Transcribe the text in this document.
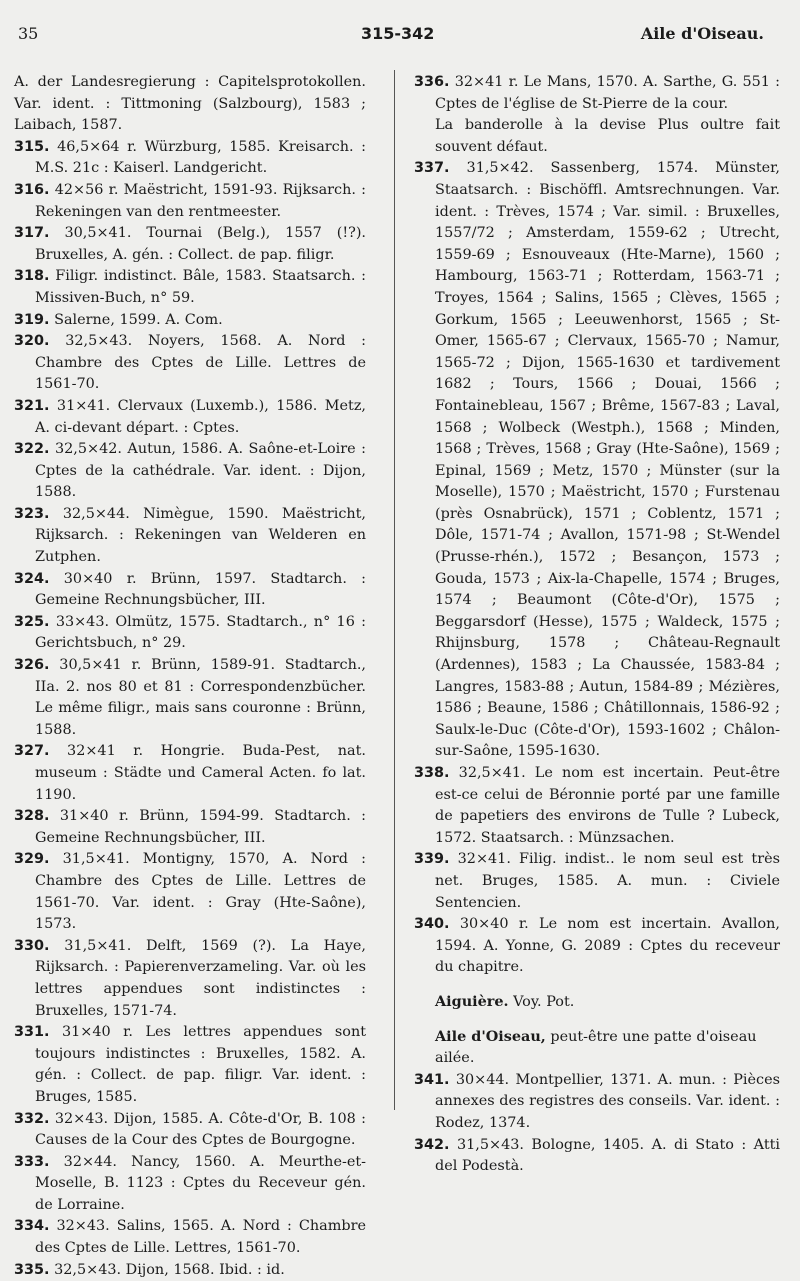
35	315-342	Aile d'Oiseau.
A. der Landesregierung : Capitelsprotokollen. Var. ident. : Tittmoning (Salzbourg), 1583 ; Laibach, 1587.
315. 46,5×64 r. Würzburg, 1585. Kreisarch. : M.S. 21c : Kaiserl. Landgericht.
316. 42×56 r. Maëstricht, 1591-93. Rijksarch. : Rekeningen van den rentmeester.
317. 30,5×41. Tournai (Belg.), 1557 (!?). Bruxelles, A. gén. : Collect. de pap. filigr.
318. Filigr. indistinct. Bâle, 1583. Staatsarch. : Missiven-Buch, n° 59.
319. Salerne, 1599. A. Com.
320. 32,5×43. Noyers, 1568. A. Nord : Chambre des Cptes de Lille. Lettres de 1561-70.
321. 31×41. Clervaux (Luxemb.), 1586. Metz, A. ci-devant départ. : Cptes.
322. 32,5×42. Autun, 1586. A. Saône-et-Loire : Cptes de la cathédrale. Var. ident. : Dijon, 1588.
323. 32,5×44. Nimègue, 1590. Maëstricht, Rijksarch. : Rekeningen van Welderen en Zutphen.
324. 30×40 r. Brünn, 1597. Stadtarch. : Gemeine Rechnungsbücher, III.
325. 33×43. Olmütz, 1575. Stadtarch., n° 16 : Gerichtsbuch, n° 29.
326. 30,5×41 r. Brünn, 1589-91. Stadtarch., IIa. 2. nos 80 et 81 : Correspondenzbücher. Le même filigr., mais sans couronne : Brünn, 1588.
327. 32×41 r. Hongrie. Buda-Pest, nat. museum : Städte und Cameral Acten. fo lat. 1190.
328. 31×40 r. Brünn, 1594-99. Stadtarch. : Gemeine Rechnungsbücher, III.
329. 31,5×41. Montigny, 1570, A. Nord : Chambre des Cptes de Lille. Lettres de 1561-70. Var. ident. : Gray (Hte-Saône), 1573.
330. 31,5×41. Delft, 1569 (?). La Haye, Rijksarch. : Papierenverzameling. Var. où les lettres appendues sont indistinctes : Bruxelles, 1571-74.
331. 31×40 r. Les lettres appendues sont toujours indistinctes : Bruxelles, 1582. A. gén. : Collect. de pap. filigr. Var. ident. : Bruges, 1585.
332. 32×43. Dijon, 1585. A. Côte-d'Or, B. 108 : Causes de la Cour des Cptes de Bourgogne.
333. 32×44. Nancy, 1560. A. Meurthe-et-Moselle, B. 1123 : Cptes du Receveur gén. de Lorraine.
334. 32×43. Salins, 1565. A. Nord : Chambre des Cptes de Lille. Lettres, 1561-70.
335. 32,5×43. Dijon, 1568. Ibid. : id.
336. 32×41 r. Le Mans, 1570. A. Sarthe, G. 551 : Cptes de l'église de St-Pierre de la cour.
La banderolle à la devise Plus oultre fait souvent défaut.
337. 31,5×42. Sassenberg, 1574. Münster, Staatsarch. : Bischöffl. Amtsrechnungen. Var. ident. : Trèves, 1574 ; Var. simil. : Bruxelles, 1557/72 ; Amsterdam, 1559-62 ; Utrecht, 1559-69 ; Esnouveaux (Hte-Marne), 1560 ; Hambourg, 1563-71 ; Rotterdam, 1563-71 ; Troyes, 1564 ; Salins, 1565 ; Clèves, 1565 ; Gorkum, 1565 ; Leeuwenhorst, 1565 ; St-Omer, 1565-67 ; Clervaux, 1565-70 ; Namur, 1565-72 ; Dijon, 1565-1630 et tardivement 1682 ; Tours, 1566 ; Douai, 1566 ; Fontainebleau, 1567 ; Brême, 1567-83 ; Laval, 1568 ; Wolbeck (Westph.), 1568 ; Minden, 1568 ; Trèves, 1568 ; Gray (Hte-Saône), 1569 ; Epinal, 1569 ; Metz, 1570 ; Münster (sur la Moselle), 1570 ; Maëstricht, 1570 ; Furstenau (près Osnabrück), 1571 ; Coblentz, 1571 ; Dôle, 1571-74 ; Avallon, 1571-98 ; St-Wendel (Prusse-rhén.), 1572 ; Besançon, 1573 ; Gouda, 1573 ; Aix-la-Chapelle, 1574 ; Bruges, 1574 ; Beaumont (Côte-d'Or), 1575 ; Beggarsdorf (Hesse), 1575 ; Waldeck, 1575 ; Rhijnsburg, 1578 ; Château-Regnault (Ardennes), 1583 ; La Chaussée, 1583-84 ; Langres, 1583-88 ; Autun, 1584-89 ; Mézières, 1586 ; Beaune, 1586 ; Châtillonnais, 1586-92 ; Saulx-le-Duc (Côte-d'Or), 1593-1602 ; Châlon-sur-Saône, 1595-1630.
338. 32,5×41. Le nom est incertain. Peut-être est-ce celui de Béronnie porté par une famille de papetiers des environs de Tulle ? Lubeck, 1572. Staatsarch. : Münzsachen.
339. 32×41. Filig. indist.. le nom seul est très net. Bruges, 1585. A. mun. : Civiele Sentencien.
340. 30×40 r. Le nom est incertain. Avallon, 1594. A. Yonne, G. 2089 : Cptes du receveur du chapitre.
Aiguière. Voy. Pot.
Aile d'Oiseau, peut-être une patte d'oiseau ailée.
341. 30×44. Montpellier, 1371. A. mun. : Pièces annexes des registres des conseils. Var. ident. : Rodez, 1374.
342. 31,5×43. Bologne, 1405. A. di Stato : Atti del Podestà.
